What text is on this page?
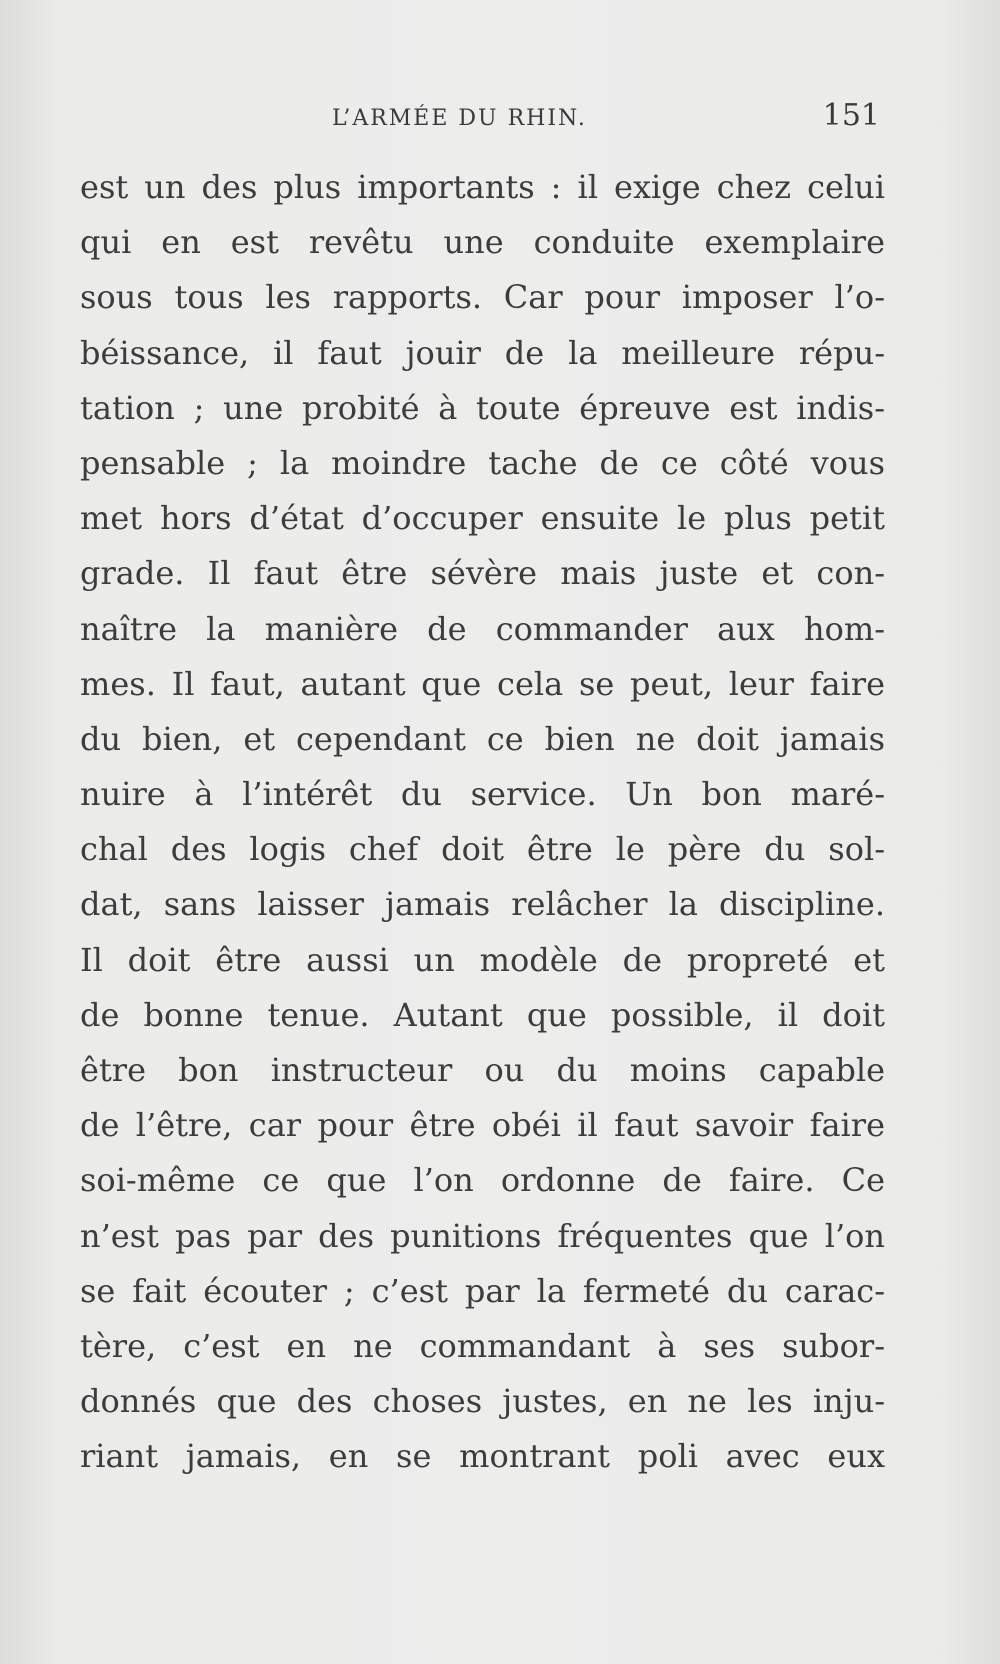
L’ARMÉE DU RHIN.	151
est un des plus importants : il exige chez celui
qui en est revêtu une conduite exemplaire
sous tous les rapports. Car pour imposer l’o-
béissance, il faut jouir de la meilleure répu-
tation ; une probité à toute épreuve est indis-
pensable ; la moindre tache de ce côté vous
met hors d’état d’occuper ensuite le plus petit
grade. Il faut être sévère mais juste et con-
naître la manière de commander aux hom-
mes. Il faut, autant que cela se peut, leur faire
du bien, et cependant ce bien ne doit jamais
nuire à l’intérêt du service. Un bon maré-
chal des logis chef doit être le père du sol-
dat, sans laisser jamais relâcher la discipline.
Il doit être aussi un modèle de propreté et
de bonne tenue. Autant que possible, il doit
être bon instructeur ou du moins capable
de l’être, car pour être obéi il faut savoir faire
soi-même ce que l’on ordonne de faire. Ce
n’est pas par des punitions fréquentes que l’on
se fait écouter ; c’est par la fermeté du carac-
tère, c’est en ne commandant à ses subor-
donnés que des choses justes, en ne les inju-
riant jamais, en se montrant poli avec eux
